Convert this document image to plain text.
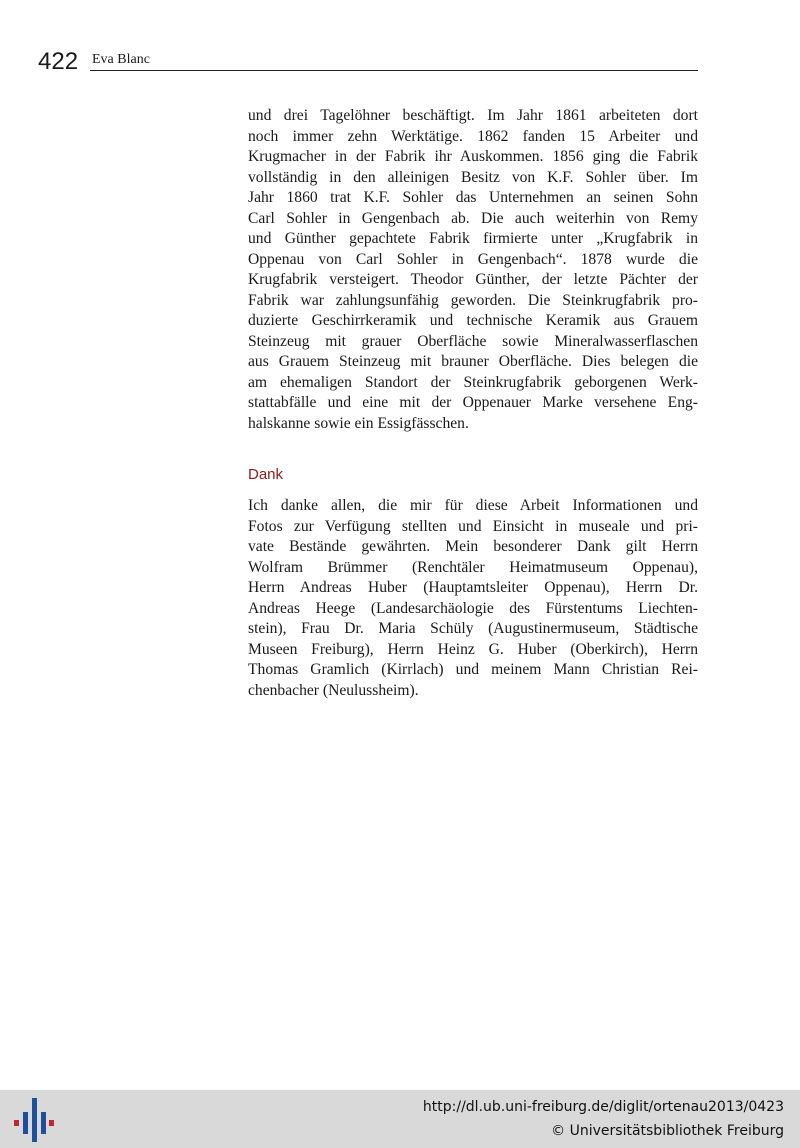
422 Eva Blanc
und drei Tagelöhner beschäftigt. Im Jahr 1861 arbeiteten dort
noch immer zehn Werktätige. 1862 fanden 15 Arbeiter und
Krugmacher in der Fabrik ihr Auskommen. 1856 ging die Fabrik
vollständig in den alleinigen Besitz von K.F. Sohler über. Im
Jahr 1860 trat K.F. Sohler das Unternehmen an seinen Sohn
Carl Sohler in Gengenbach ab. Die auch weiterhin von Remy
und Günther gepachtete Fabrik firmierte unter „Krugfabrik in
Oppenau von Carl Sohler in Gengenbach“. 1878 wurde die
Krugfabrik versteigert. Theodor Günther, der letzte Pächter der
Fabrik war zahlungsunfähig geworden. Die Steinkrugfabrik pro-
duzierte Geschirrkeramik und technische Keramik aus Grauem
Steinzeug mit grauer Oberfläche sowie Mineralwasserflaschen
aus Grauem Steinzeug mit brauner Oberfläche. Dies belegen die
am ehemaligen Standort der Steinkrugfabrik geborgenen Werk-
stattabfälle und eine mit der Oppenauer Marke versehene Eng-
halskanne sowie ein Essigfässchen.
Dank
Ich danke allen, die mir für diese Arbeit Informationen und
Fotos zur Verfügung stellten und Einsicht in museale und pri-
vate Bestände gewährten. Mein besonderer Dank gilt Herrn
Wolfram Brümmer (Renchtäler Heimatmuseum Oppenau),
Herrn Andreas Huber (Hauptamtsleiter Oppenau), Herrn Dr.
Andreas Heege (Landesarchäologie des Fürstentums Liechten-
stein), Frau Dr. Maria Schüly (Augustinermuseum, Städtische
Museen Freiburg), Herrn Heinz G. Huber (Oberkirch), Herrn
Thomas Gramlich (Kirrlach) und meinem Mann Christian Rei-
chenbacher (Neulussheim).
http://dl.ub.uni-freiburg.de/diglit/ortenau2013/0423
© Universitätsbibliothek Freiburg
